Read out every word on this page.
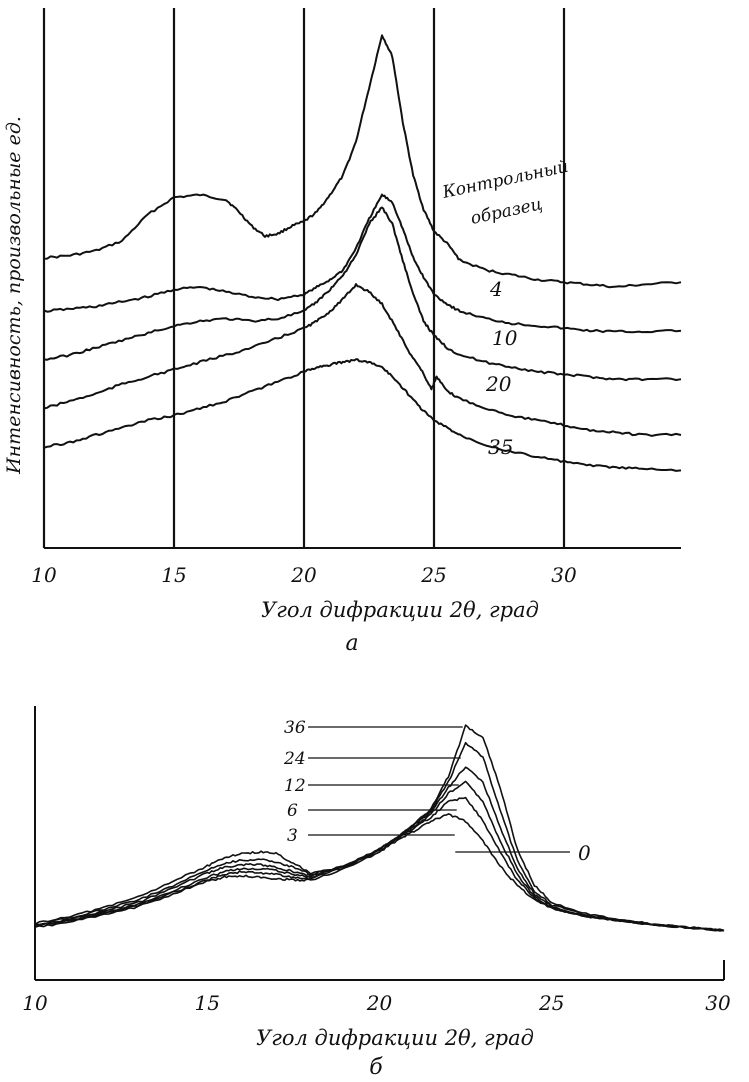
Интенсивность, произвольные ед.
Угол дифракции 2θ, град
а
10	15	20	25	30
Контрольный
образец
4
10
20
35
Угол дифракции 2θ, град
б
10	15	20	25	30
0
3
6
12
24
36
